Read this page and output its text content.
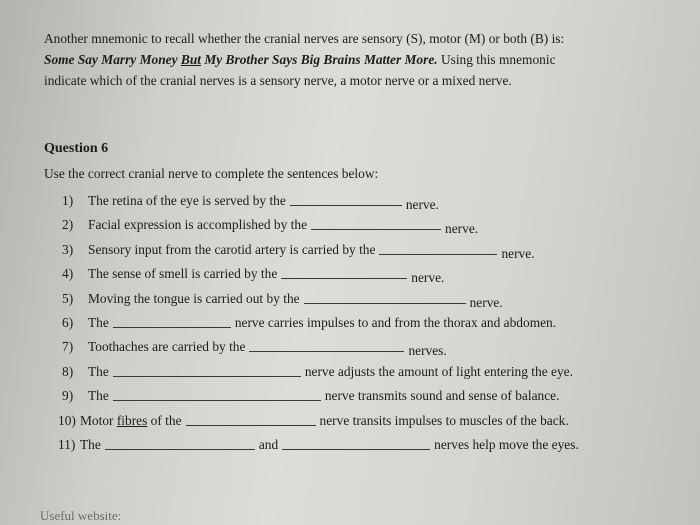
Another mnemonic to recall whether the cranial nerves are sensory (S), motor (M) or both (B) is:
Some Say Marry Money But My Brother Says Big Brains Matter More. Using this mnemonic
indicate which of the cranial nerves is a sensory nerve, a motor nerve or a mixed nerve.
Question 6
Use the correct cranial nerve to complete the sentences below:
1)	The retina of the eye is served by the	nerve.
2)	Facial expression is accomplished by the	nerve.
3)	Sensory input from the carotid artery is carried by the	nerve.
4)	The sense of smell is carried by the	nerve.
5)	Moving the tongue is carried out by the	nerve.
6)	The	nerve carries impulses to and from the thorax and abdomen.
7)	Toothaches are carried by the	nerves.
8)	The	nerve adjusts the amount of light entering the eye.
9)	The	nerve transmits sound and sense of balance.
10) Motor fibres of the	nerve transits impulses to muscles of the back.
11) The	and	nerves help move the eyes.
Useful website:
